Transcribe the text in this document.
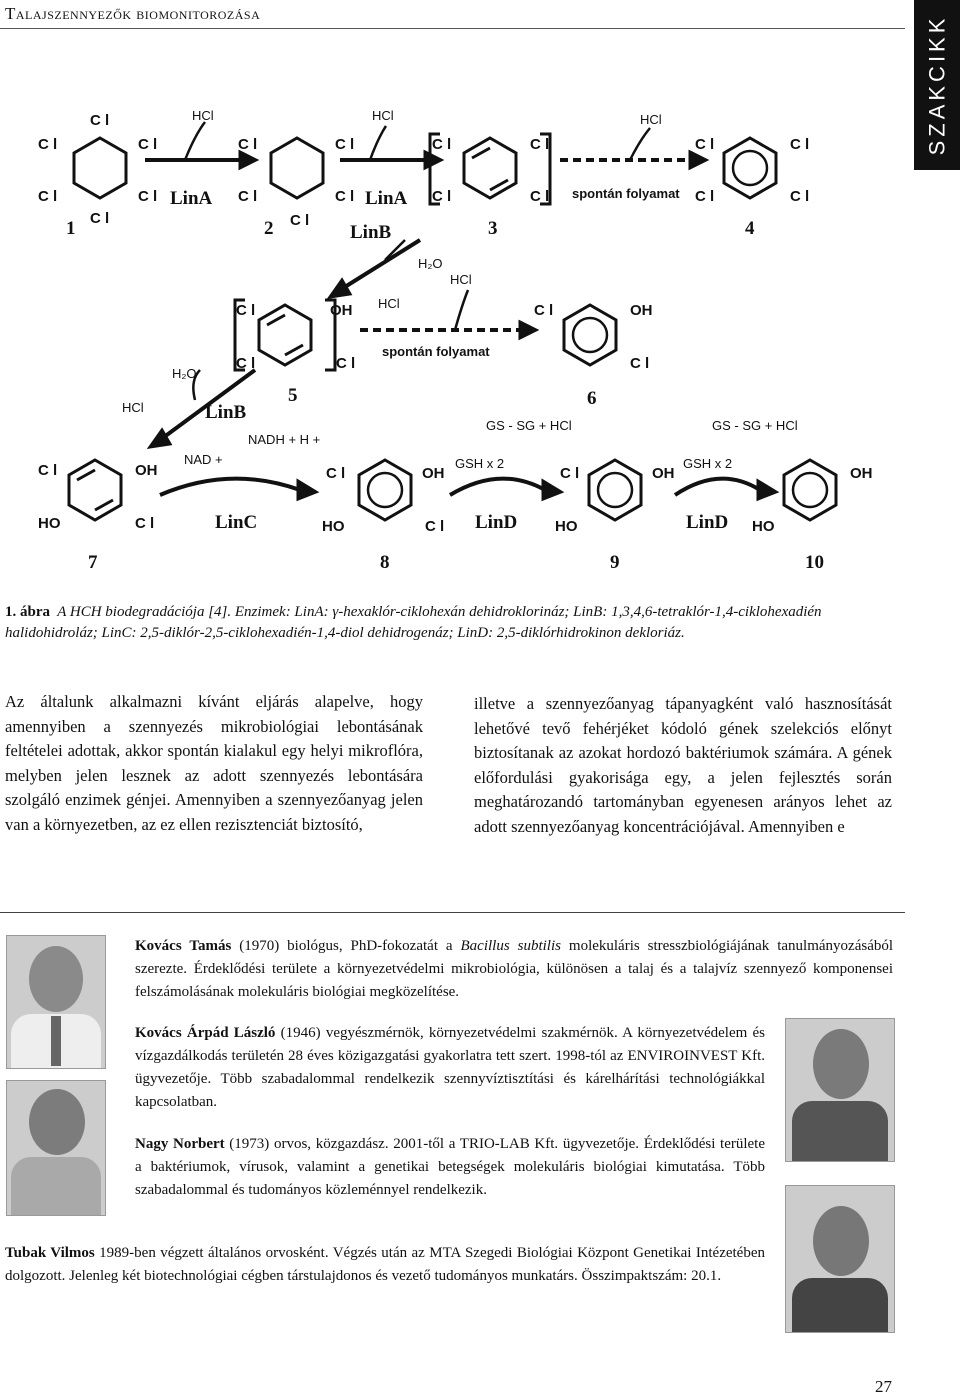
Talajszennyezők biomonitorozása
SZAKCIKK
C l
C l	C l
C l	C l
C l
HCl
LinA
C l	C l
C l	C l
C l
HCl
LinA
C l	C l
C l	C l
HCl
spontán folyamat
C l	C l
C l	C l
1	2	3	4
LinB
H₂O
HCl
C l	OH HCl
C l	C l
spontán folyamat
C l	OH
C l
H₂O
HCl	LinB
5	6
NADH + H +
GS - SG + HCl	GS - SG + HCl
NAD +	GSH x 2	GSH x 2
C l	OH
HO	C l	LinC
C l	OH
HO	C l LinD
C l	OH
HO	LinD HO
OH
7	8	9	10
1. ábra A HCH biodegradációja [4]. Enzimek: LinA: γ-hexaklór-ciklohexán dehidroklorináz; LinB: 1,3,4,6-tetraklór-1,4-ciklohexadién halidohidroláz; LinC: 2,5-diklór-2,5-ciklohexadién-1,4-diol dehidrogenáz; LinD: 2,5-diklórhidrokinon dekloriáz.
Az általunk alkalmazni kívánt eljárás alapelve, hogy amennyiben a szennyezés mikrobiológiai lebontásának feltételei adottak, akkor spontán kialakul egy helyi mikroflóra, melyben jelen lesznek az adott szennyezés lebontására szolgáló enzimek génjei. Amennyiben a szennyezőanyag jelen van a környezetben, az ez ellen rezisztenciát biztosító,
illetve a szennyezőanyag tápanyagként való hasznosítását lehetővé tevő fehérjéket kódoló gének szelekciós előnyt biztosítanak az azokat hordozó baktériumok számára. A gének előfordulási gyakorisága egy, a jelen fejlesztés során meghatározandó tartományban egyenesen arányos lehet az adott szennyezőanyag koncentrációjával. Amennyiben e
Kovács Tamás (1970) biológus, PhD-fokozatát a Bacillus subtilis molekuláris stresszbiológiájának tanulmányozásából szerezte. Érdeklődési területe a környezetvédelmi mikrobiológia, különösen a talaj és a talajvíz szennyező komponensei felszámolásának molekuláris biológiai megközelítése.
Kovács Árpád László (1946) vegyészmérnök, környezetvédelmi szakmérnök. A környezetvédelem és vízgazdálkodás területén 28 éves közigazgatási gyakorlatra tett szert. 1998-tól az ENVIROINVEST Kft. ügyvezetője. Több szabadalommal rendelkezik szennyvíztisztítási és kárelhárítási technológiákkal kapcsolatban.
Nagy Norbert (1973) orvos, közgazdász. 2001-től a TRIO-LAB Kft. ügyvezetője. Érdeklődési területe a baktériumok, vírusok, valamint a genetikai betegségek molekuláris biológiai kimutatása. Több szabadalommal és tudományos közleménnyel rendelkezik.
Tubak Vilmos 1989-ben végzett általános orvosként. Végzés után az MTA Szegedi Biológiai Központ Genetikai Intézetében dolgozott. Jelenleg két biotechnológiai cégben társtulajdonos és vezető tudományos munkatárs. Összimpaktszám: 20.1.
27
